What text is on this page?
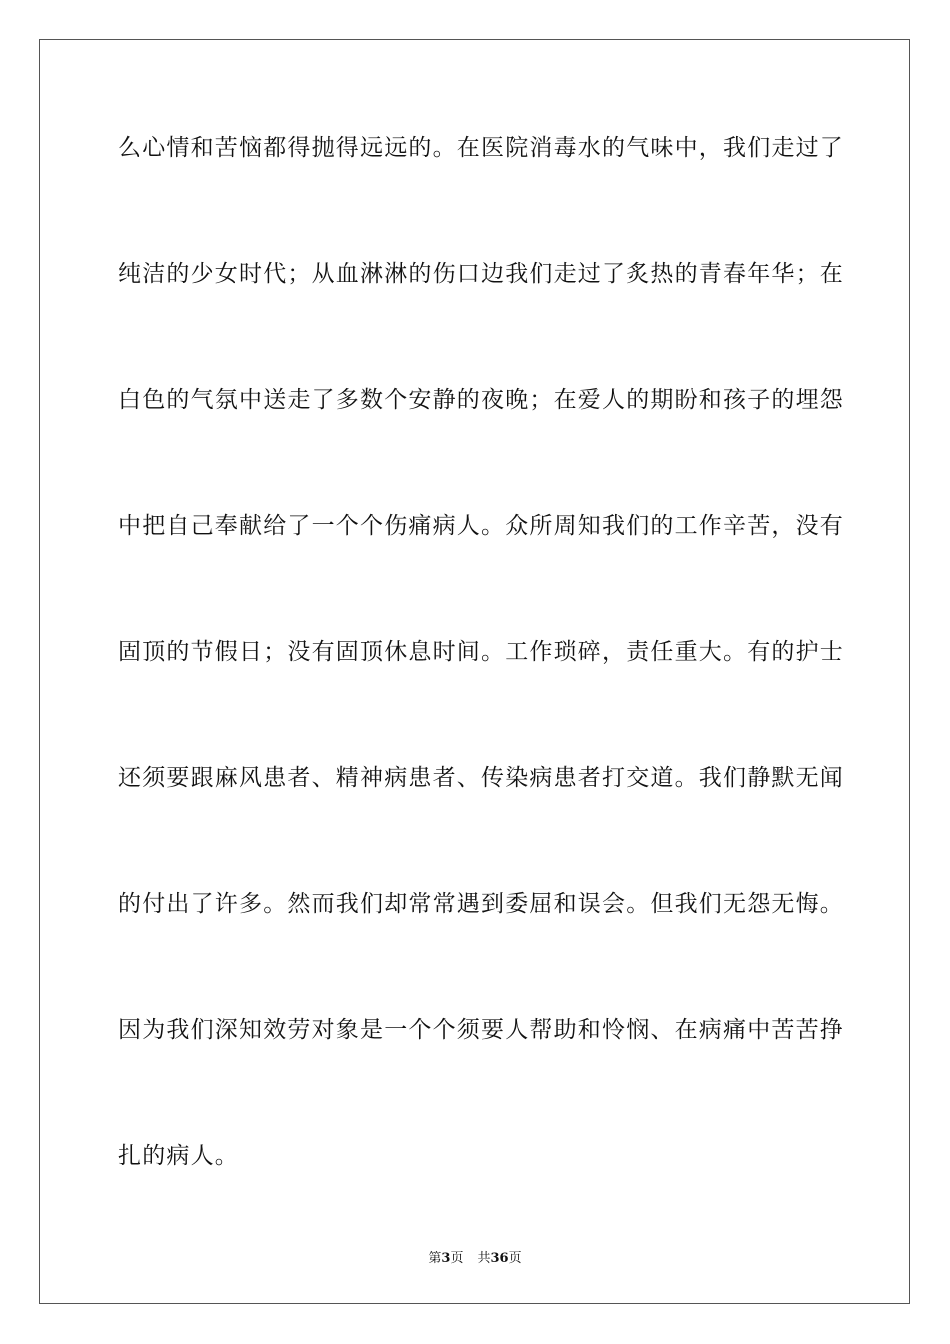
么心情和苦恼都得抛得远远的。在医院消毒水的气味中，我们走过了
纯洁的少女时代；从血淋淋的伤口边我们走过了炙热的青春年华；在
白色的气氛中送走了多数个安静的夜晚；在爱人的期盼和孩子的埋怨
中把自己奉献给了一个个伤痛病人。众所周知我们的工作辛苦，没有
固顶的节假日；没有固顶休息时间。工作琐碎，责任重大。有的护士
还须要跟麻风患者、精神病患者、传染病患者打交道。我们静默无闻
的付出了许多。然而我们却常常遇到委屈和误会。但我们无怨无悔。
因为我们深知效劳对象是一个个须要人帮助和怜悯、在病痛中苦苦挣
扎的病人。
第3页 共36页
